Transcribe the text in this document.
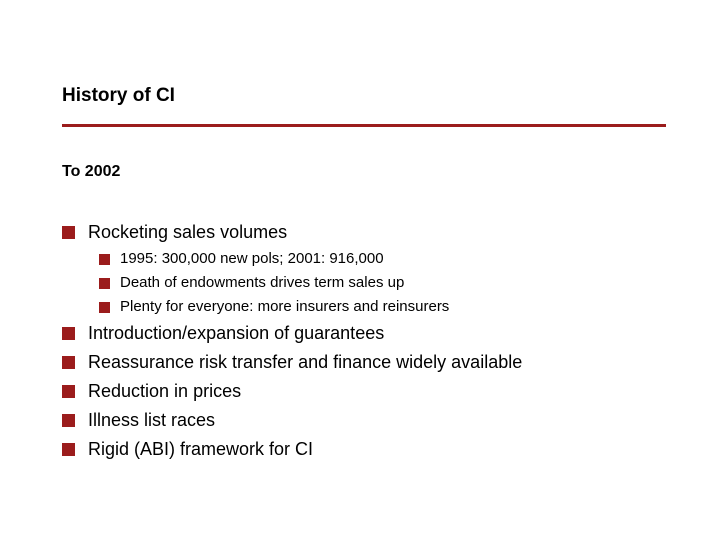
History of CI
To 2002
Rocketing sales volumes
1995: 300,000 new pols; 2001: 916,000
Death of endowments drives term sales up
Plenty for everyone: more insurers and reinsurers
Introduction/expansion of guarantees
Reassurance risk transfer and finance widely available
Reduction in prices
Illness list races
Rigid (ABI) framework for CI
